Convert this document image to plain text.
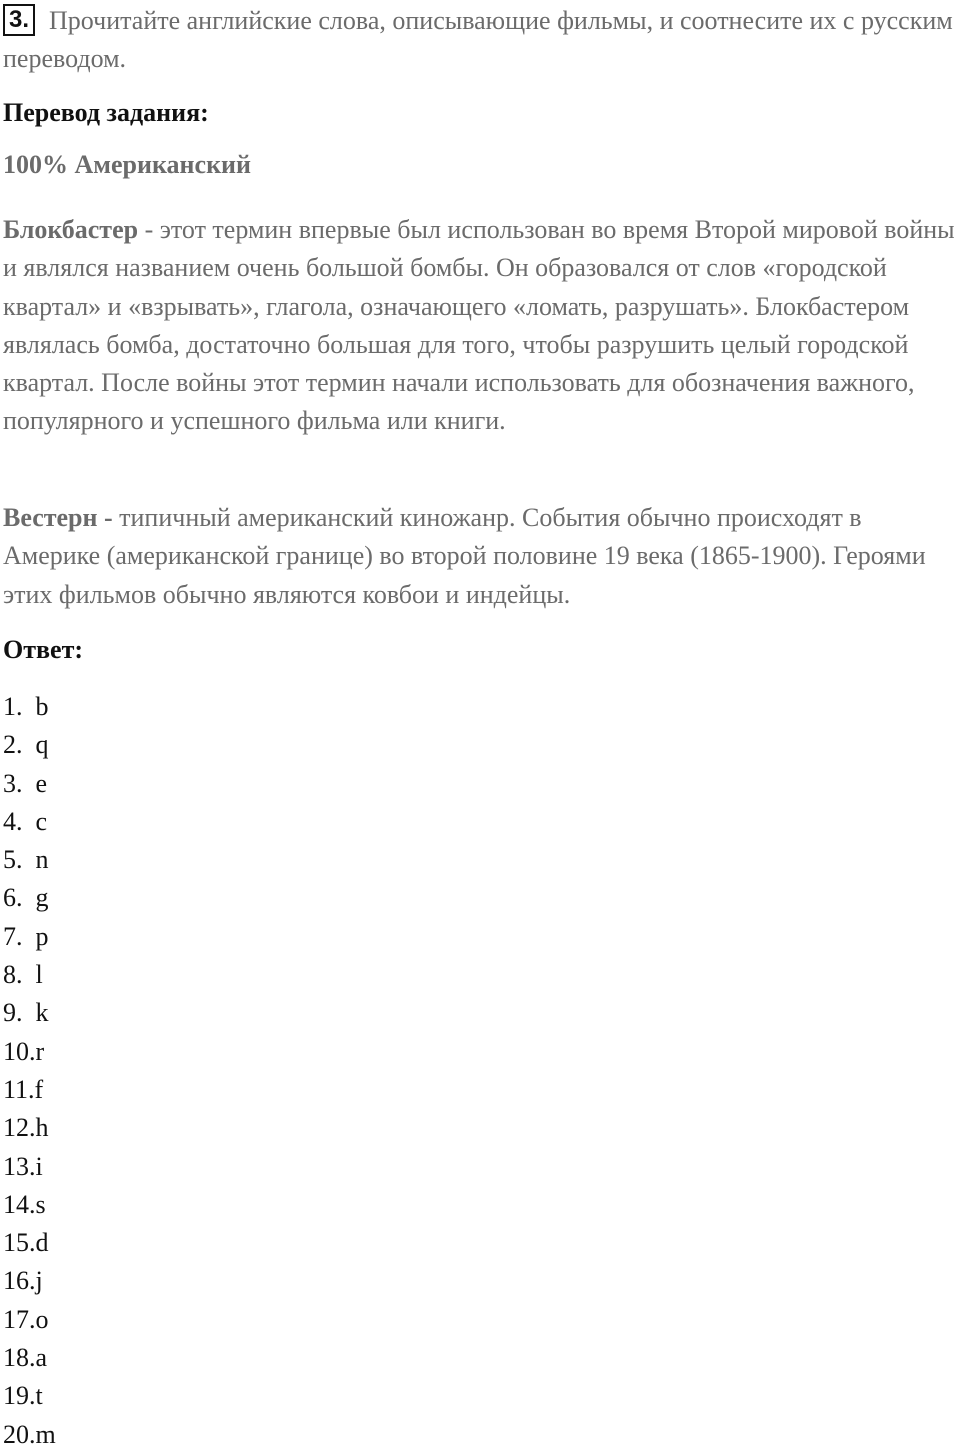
3. Прочитайте английские слова, описывающие фильмы, и соотнесите их с русским переводом.
Перевод задания:
100% Американский
Блокбастер - этот термин впервые был использован во время Второй мировой войны и являлся названием очень большой бомбы. Он образовался от слов «городской квартал» и «взрывать», глагола, означающего «ломать, разрушать». Блокбастером являлась бомба, достаточно большая для того, чтобы разрушить целый городской квартал. После войны этот термин начали использовать для обозначения важного, популярного и успешного фильма или книги.
Вестерн - типичный американский киножанр. События обычно происходят в Америке (американской границе) во второй половине 19 века (1865-1900). Героями этих фильмов обычно являются ковбои и индейцы.
Ответ:
1.  b
2.  q
3.  e
4.  c
5.  n
6.  g
7.  p
8.  l
9.  k
10.r
11.f
12.h
13.i
14.s
15.d
16.j
17.o
18.a
19.t
20.m
